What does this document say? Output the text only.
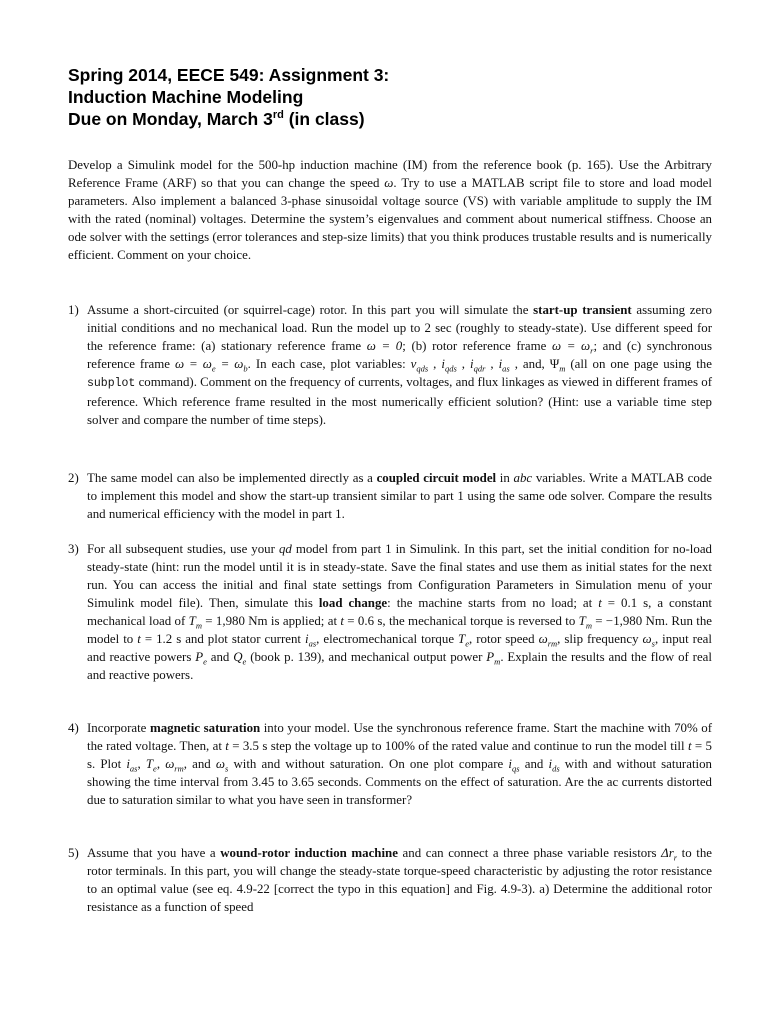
Spring 2014, EECE 549: Assignment 3:
Induction Machine Modeling
Due on Monday, March 3rd (in class)
Develop a Simulink model for the 500-hp induction machine (IM) from the reference book (p. 165). Use the Arbitrary Reference Frame (ARF) so that you can change the speed ω. Try to use a MATLAB script file to store and load model parameters. Also implement a balanced 3-phase sinusoidal voltage source (VS) with variable amplitude to supply the IM with the rated (nominal) voltages. Determine the system’s eigenvalues and comment about numerical stiffness. Choose an ode solver with the settings (error tolerances and step-size limits) that you think produces trustable results and is numerically efficient. Comment on your choice.
1) Assume a short-circuited (or squirrel-cage) rotor. In this part you will simulate the start-up transient assuming zero initial conditions and no mechanical load. Run the model up to 2 sec (roughly to steady-state). Use different speed for the reference frame: (a) stationary reference frame ω = 0; (b) rotor reference frame $\omega = \omega_r$; and (c) synchronous reference frame $\omega = \omega_e = \omega_b$. In each case, plot variables: $v_{qds}$ , $i_{qds}$ , $i_{qdr}$ , $i_{as}$ , and, $\Psi_m$ (all on one page using the subplot command). Comment on the frequency of currents, voltages, and flux linkages as viewed in different frames of reference. Which reference frame resulted in the most numerically efficient solution? (Hint: use a variable time step solver and compare the number of time steps).
2) The same model can also be implemented directly as a coupled circuit model in abc variables. Write a MATLAB code to implement this model and show the start-up transient similar to part 1 using the same ode solver. Compare the results and numerical efficiency with the model in part 1.
3) For all subsequent studies, use your qd model from part 1 in Simulink. In this part, set the initial condition for no-load steady-state (hint: run the model until it is in steady-state. Save the final states and use them as initial states for the next run. You can access the initial and final state settings from Configuration Parameters in Simulation menu of your Simulink model file). Then, simulate this load change: the machine starts from no load; at t = 0.1 s, a constant mechanical load of $T_m = 1,980$ Nm is applied; at t = 0.6 s, the mechanical torque is reversed to $T_m = -1,980$ Nm. Run the model to t = 1.2 s and plot stator current $i_{as}$, electromechanical torque $T_e$, rotor speed $\omega_{rm}$, slip frequency $\omega_s$, input real and reactive powers $P_e$ and $Q_e$ (book p. 139), and mechanical output power $P_m$. Explain the results and the flow of real and reactive powers.
4) Incorporate magnetic saturation into your model. Use the synchronous reference frame. Start the machine with 70% of the rated voltage. Then, at t = 3.5 s step the voltage up to 100% of the rated value and continue to run the model till t = 5 s. Plot $i_{as}$, $T_e$, $\omega_{rm}$, and $\omega_s$ with and without saturation. On one plot compare $i_{qs}$ and $i_{ds}$ with and without saturation showing the time interval from 3.45 to 3.65 seconds. Comments on the effect of saturation. Are the ac currents distorted due to saturation similar to what you have seen in transformer?
5) Assume that you have a wound-rotor induction machine and can connect a three phase variable resistors $\Delta r_r$ to the rotor terminals. In this part, you will change the steady-state torque-speed characteristic by adjusting the rotor resistance to an optimal value (see eq. 4.9-22 [correct the typo in this equation] and Fig. 4.9-3). a) Determine the additional rotor resistance as a function of speed
